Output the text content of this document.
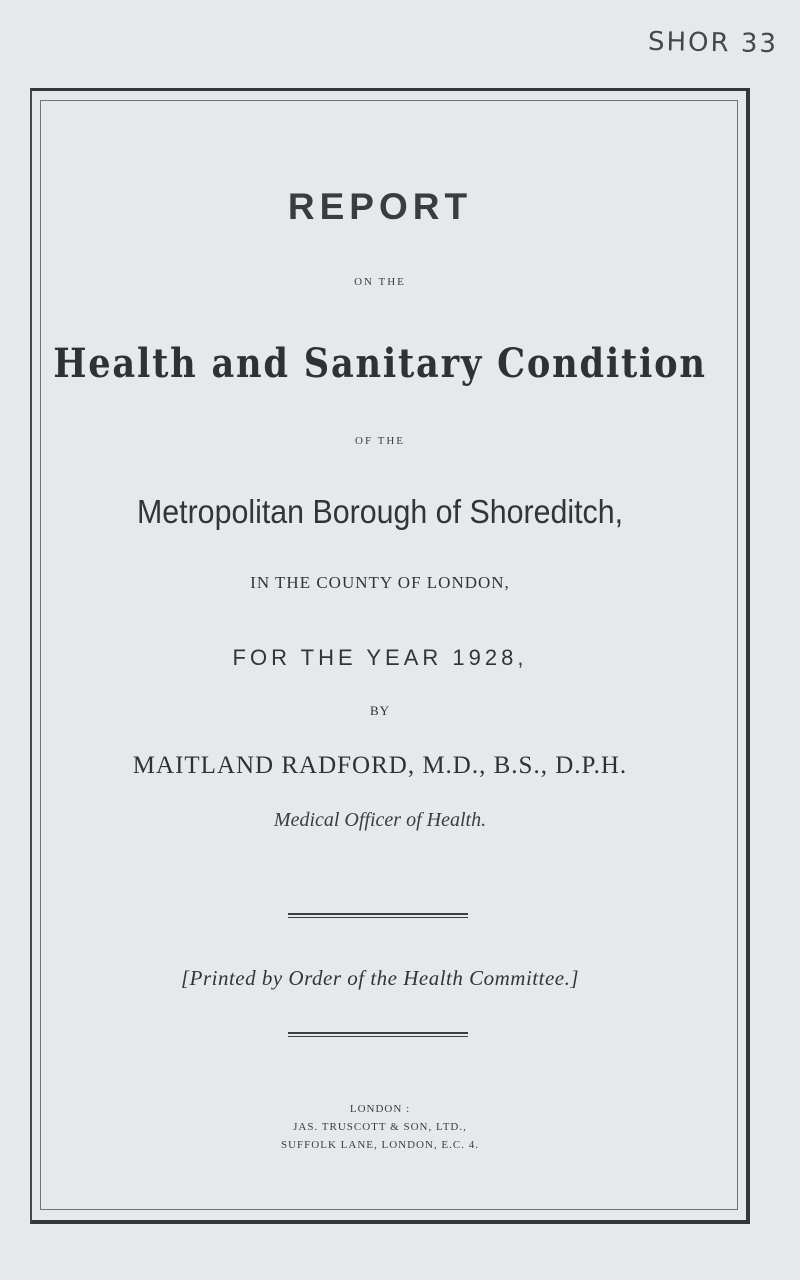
SHOR 33
REPORT
ON THE
Health and Sanitary Condition
OF THE
Metropolitan Borough of Shoreditch,
IN THE COUNTY OF LONDON,
FOR THE YEAR 1928,
BY
MAITLAND RADFORD, M.D., B.S., D.P.H.
Medical Officer of Health.
[Printed by Order of the Health Committee.]
LONDON :
JAS. TRUSCOTT & SON, LTD.,
SUFFOLK LANE, LONDON, E.C. 4.
